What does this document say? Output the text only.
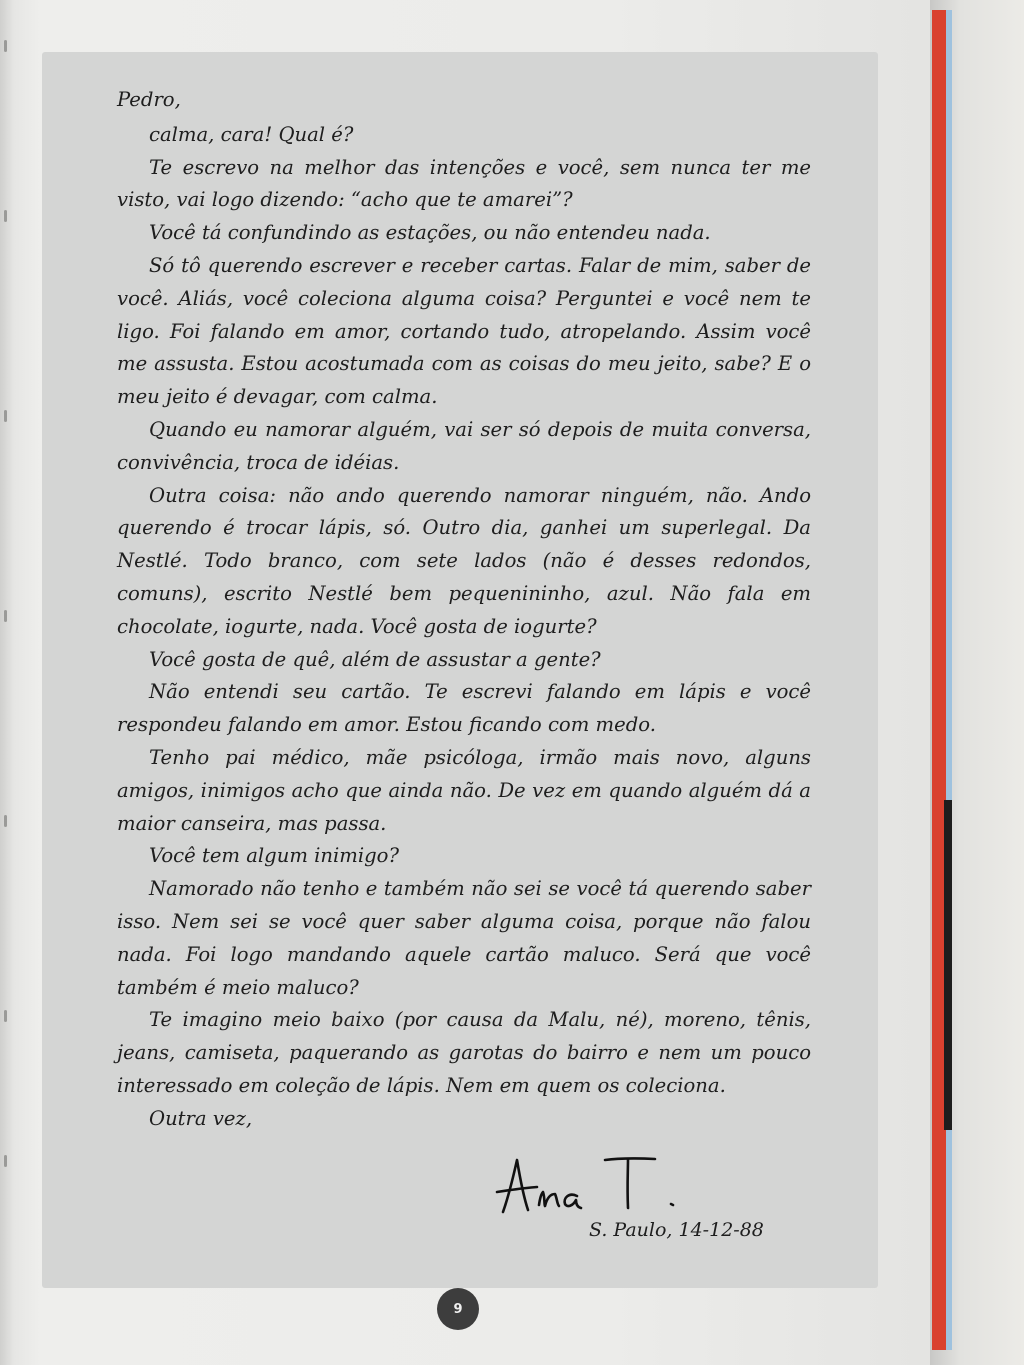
Pedro,

calma, cara! Qual é?

Te escrevo na melhor das intenções e você, sem nunca ter me visto, vai logo dizendo: “acho que te amarei”?

Você tá confundindo as estações, ou não entendeu nada.

Só tô querendo escrever e receber cartas. Falar de mim, saber de você. Aliás, você coleciona alguma coisa? Perguntei e você nem te ligo. Foi falando em amor, cortando tudo, atropelando. Assim você me assusta. Estou acostumada com as coisas do meu jeito, sabe? E o meu jeito é devagar, com calma.

Quando eu namorar alguém, vai ser só depois de muita conversa, convivência, troca de idéias.

Outra coisa: não ando querendo namorar ninguém, não. Ando querendo é trocar lápis, só. Outro dia, ganhei um superlegal. Da Nestlé. Todo branco, com sete lados (não é desses redondos, comuns), escrito Nestlé bem pequenininho, azul. Não fala em chocolate, iogurte, nada. Você gosta de iogurte?

Você gosta de quê, além de assustar a gente?

Não entendi seu cartão. Te escrevi falando em lápis e você respondeu falando em amor. Estou ficando com medo.

Tenho pai médico, mãe psicóloga, irmão mais novo, alguns amigos, inimigos acho que ainda não. De vez em quando alguém dá a maior canseira, mas passa.

Você tem algum inimigo?

Namorado não tenho e também não sei se você tá querendo saber isso. Nem sei se você quer saber alguma coisa, porque não falou nada. Foi logo mandando aquele cartão maluco. Será que você também é meio maluco?

Te imagino meio baixo (por causa da Malu, né), moreno, tênis, jeans, camiseta, paquerando as garotas do bairro e nem um pouco interessado em coleção de lápis. Nem em quem os coleciona.

Outra vez,

S. Paulo, 14-12-88
9
